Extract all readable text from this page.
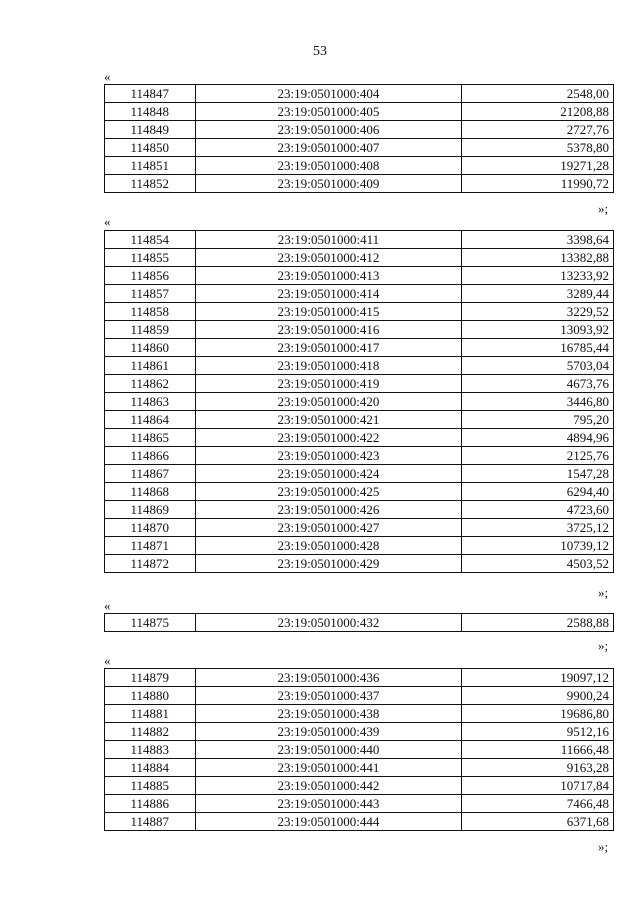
53
«
114847	23:19:0501000:404	2548,00
114848	23:19:0501000:405	21208,88
114849	23:19:0501000:406	2727,76
114850	23:19:0501000:407	5378,80
114851	23:19:0501000:408	19271,28
114852	23:19:0501000:409	11990,72
»;
«
114854	23:19:0501000:411	3398,64
114855	23:19:0501000:412	13382,88
114856	23:19:0501000:413	13233,92
114857	23:19:0501000:414	3289,44
114858	23:19:0501000:415	3229,52
114859	23:19:0501000:416	13093,92
114860	23:19:0501000:417	16785,44
114861	23:19:0501000:418	5703,04
114862	23:19:0501000:419	4673,76
114863	23:19:0501000:420	3446,80
114864	23:19:0501000:421	795,20
114865	23:19:0501000:422	4894,96
114866	23:19:0501000:423	2125,76
114867	23:19:0501000:424	1547,28
114868	23:19:0501000:425	6294,40
114869	23:19:0501000:426	4723,60
114870	23:19:0501000:427	3725,12
114871	23:19:0501000:428	10739,12
114872	23:19:0501000:429	4503,52
»;
«
114875	23:19:0501000:432	2588,88
»;
«
114879	23:19:0501000:436	19097,12
114880	23:19:0501000:437	9900,24
114881	23:19:0501000:438	19686,80
114882	23:19:0501000:439	9512,16
114883	23:19:0501000:440	11666,48
114884	23:19:0501000:441	9163,28
114885	23:19:0501000:442	10717,84
114886	23:19:0501000:443	7466,48
114887	23:19:0501000:444	6371,68
»;
